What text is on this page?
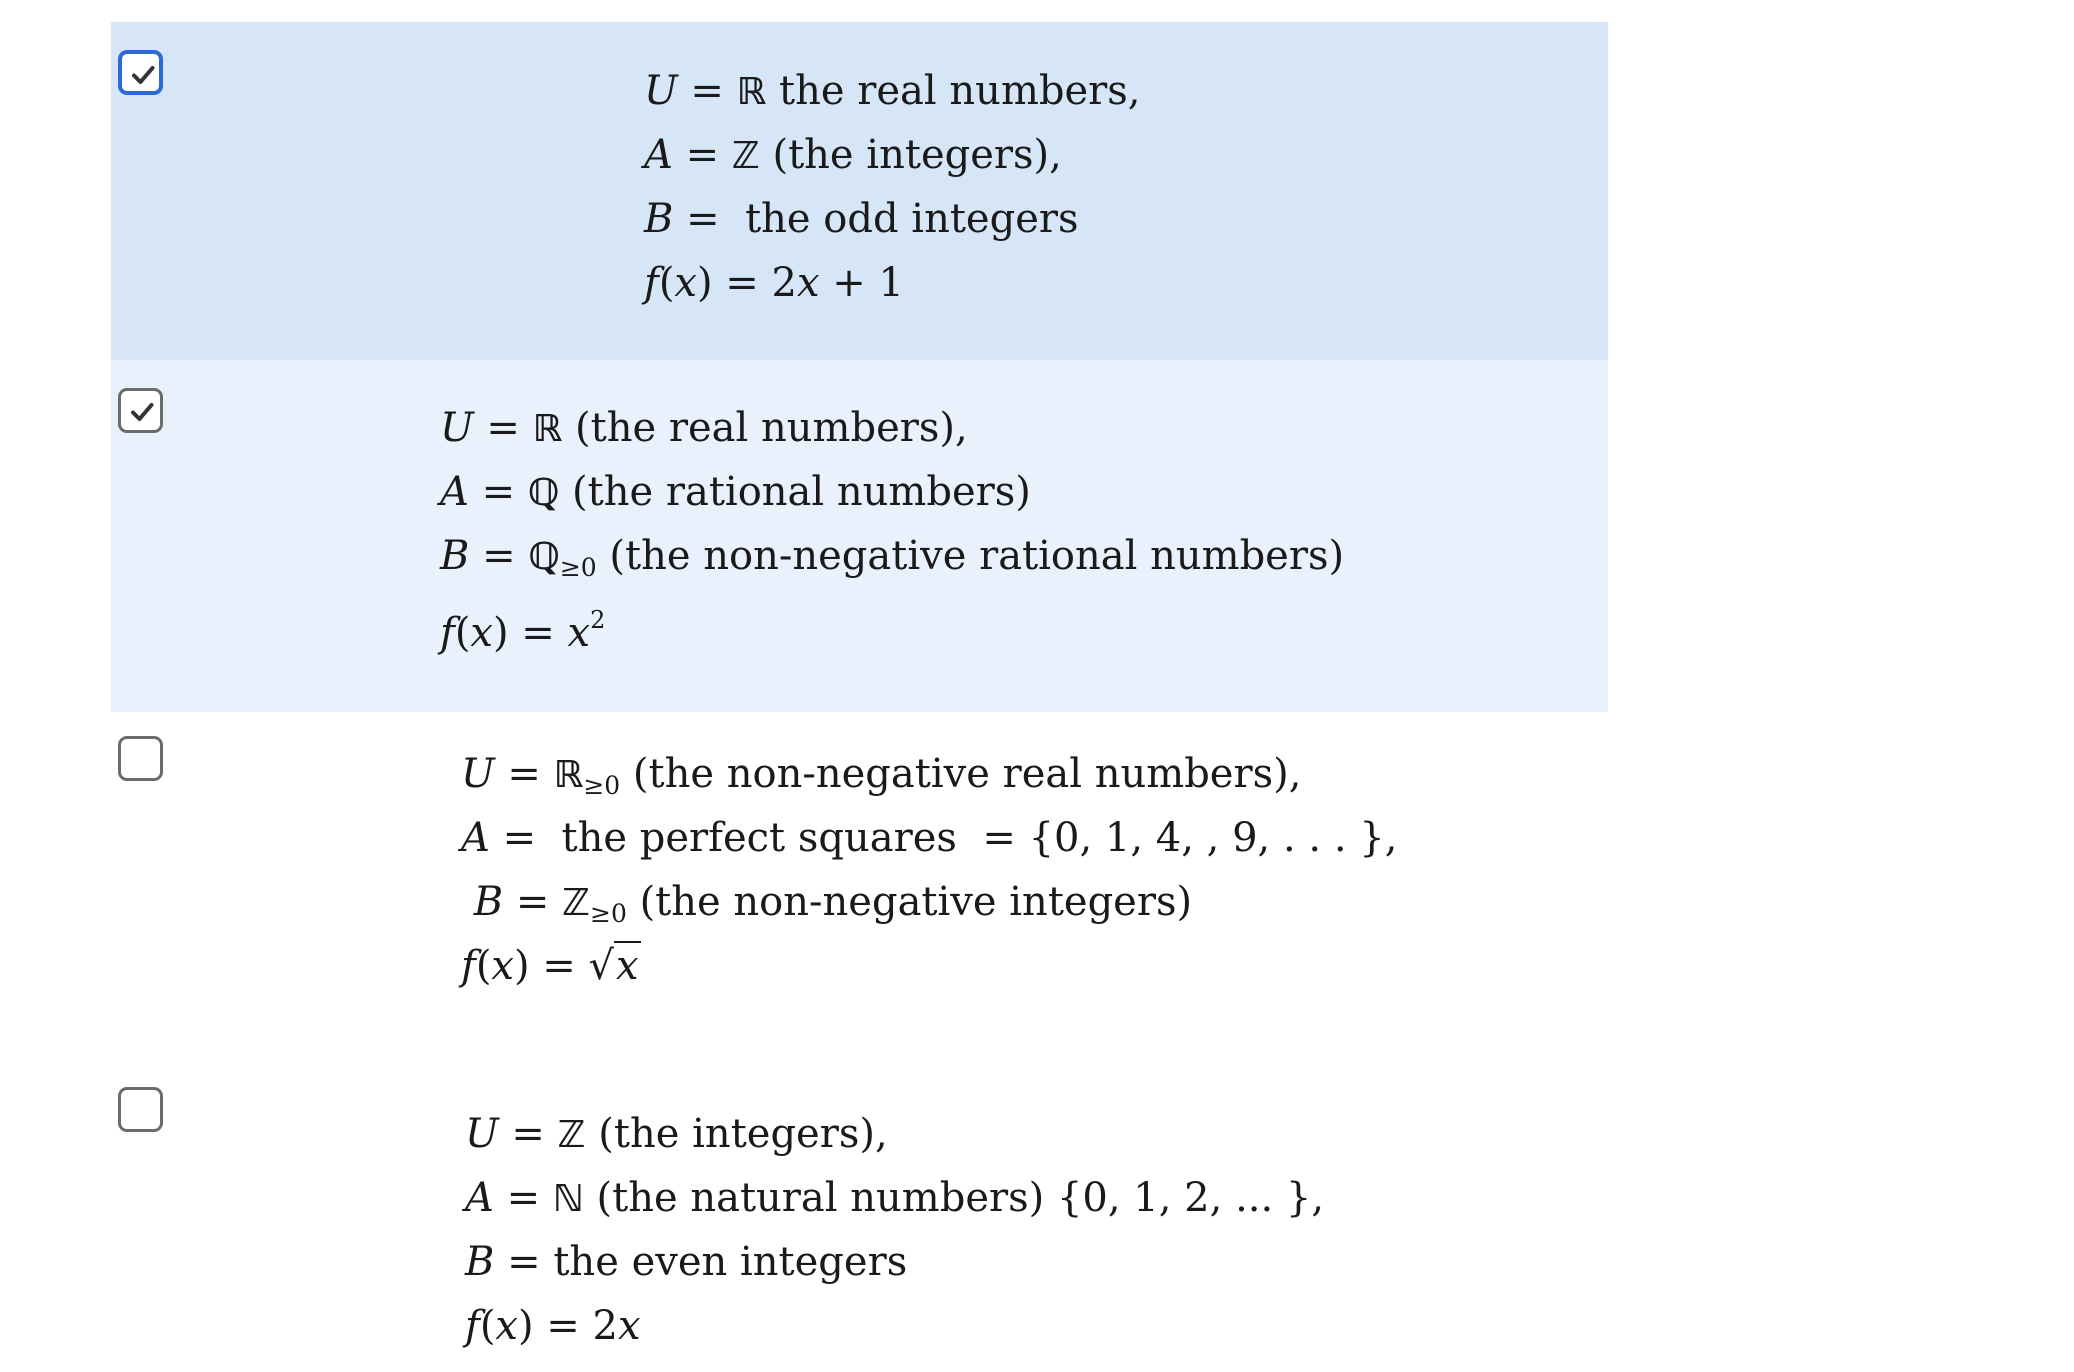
U = ℝ the real numbers,
A = ℤ (the integers),
B =  the odd integers
f(x) = 2x + 1
U = ℝ (the real numbers),
A = ℚ (the rational numbers)
B = ℚ$_{\ge 0}$ (the non-negative rational numbers)
$f(x) = x^2$
U = ℝ$_{\ge 0}$ (the non-negative real numbers),
A =  the perfect squares  = {0, 1, 4, , 9, . . . },
B = ℤ$_{\ge 0}$ (the non-negative integers)
f(x) = √x
U = ℤ (the integers),
A = ℕ (the natural numbers) {0, 1, 2, ... },
B = the even integers
f(x) = 2x
